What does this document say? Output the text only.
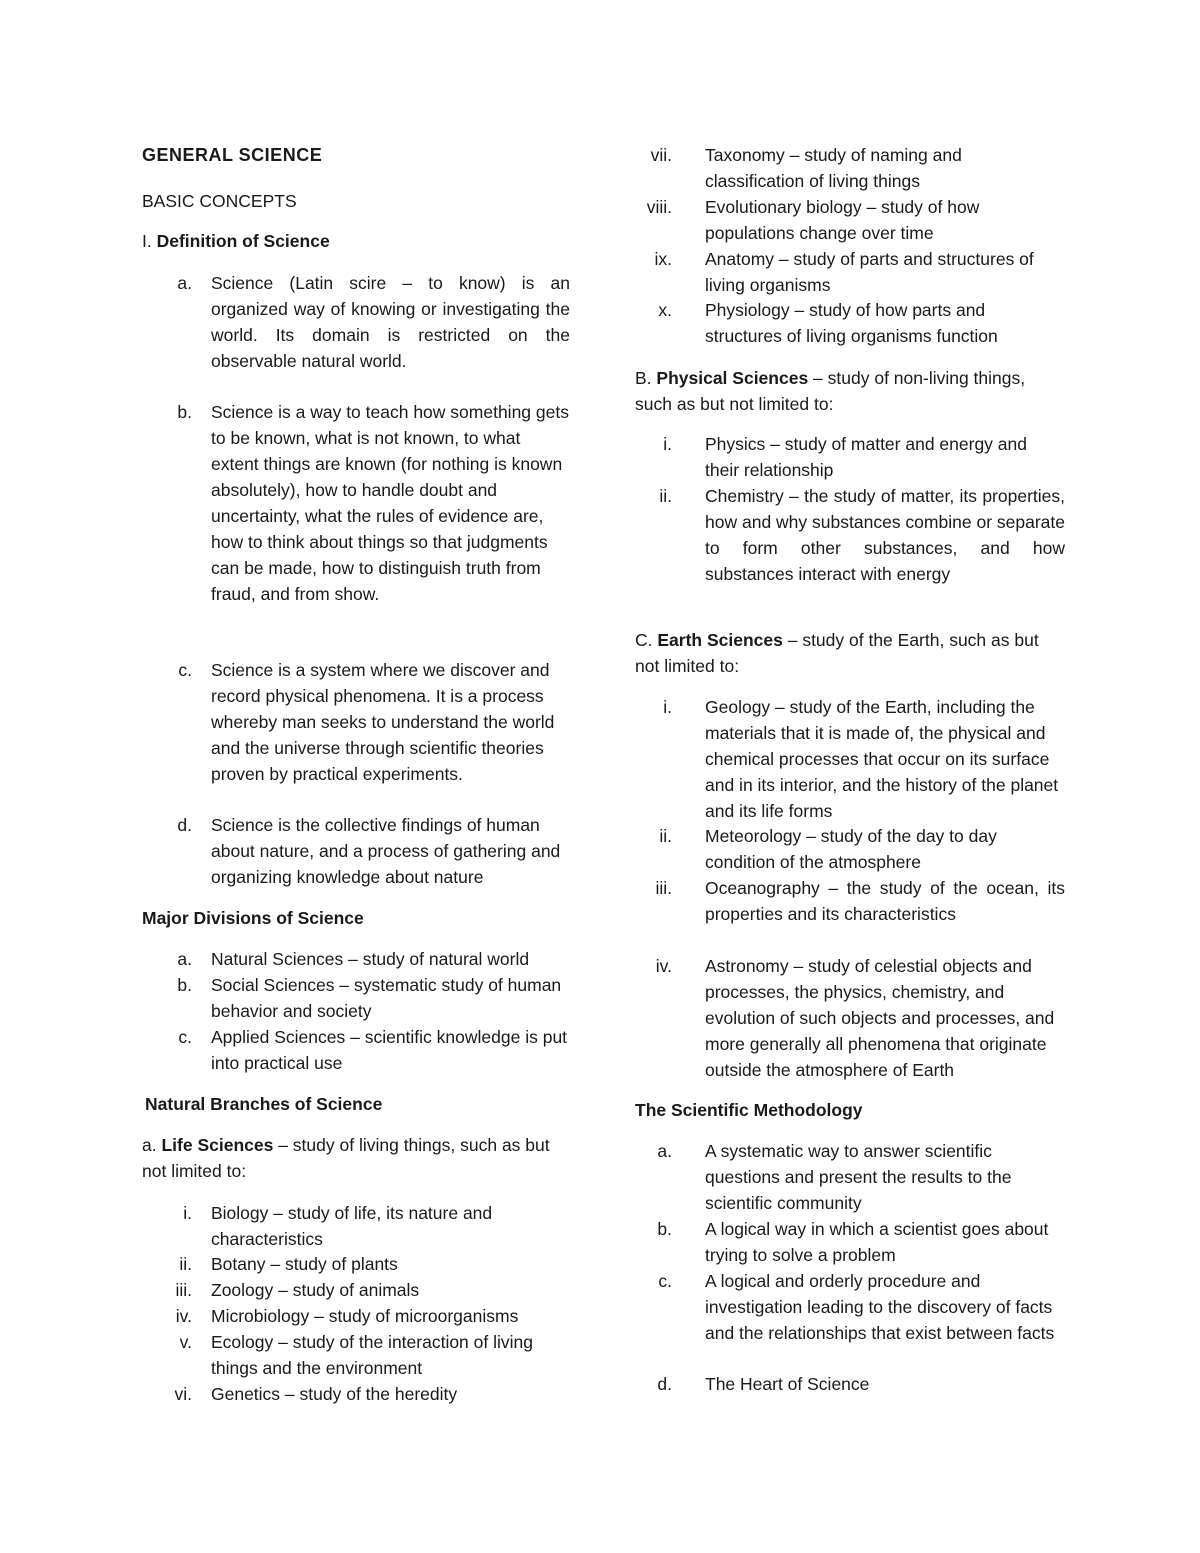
GENERAL SCIENCE
BASIC CONCEPTS
I. Definition of Science
a. Science (Latin scire – to know) is an organized way of knowing or investigating the world. Its domain is restricted on the observable natural world.
b. Science is a way to teach how something gets to be known, what is not known, to what extent things are known (for nothing is known absolutely), how to handle doubt and uncertainty, what the rules of evidence are, how to think about things so that judgments can be made, how to distinguish truth from fraud, and from show.
c. Science is a system where we discover and record physical phenomena. It is a process whereby man seeks to understand the world and the universe through scientific theories proven by practical experiments.
d. Science is the collective findings of human about nature, and a process of gathering and organizing knowledge about nature
Major Divisions of Science
a. Natural Sciences – study of natural world
b. Social Sciences – systematic study of human behavior and society
c. Applied Sciences – scientific knowledge is put into practical use
Natural Branches of Science
a. Life Sciences – study of living things, such as but not limited to:
i. Biology – study of life, its nature and characteristics
ii. Botany – study of plants
iii. Zoology – study of animals
iv. Microbiology – study of microorganisms
v. Ecology – study of the interaction of living things and the environment
vi. Genetics – study of the heredity
vii. Taxonomy – study of naming and classification of living things
viii. Evolutionary biology – study of how populations change over time
ix. Anatomy – study of parts and structures of living organisms
x. Physiology – study of how parts and structures of living organisms function
B. Physical Sciences – study of non-living things, such as but not limited to:
i. Physics – study of matter and energy and their relationship
ii. Chemistry – the study of matter, its properties, how and why substances combine or separate to form other substances, and how substances interact with energy
C. Earth Sciences – study of the Earth, such as but not limited to:
i. Geology – study of the Earth, including the materials that it is made of, the physical and chemical processes that occur on its surface and in its interior, and the history of the planet and its life forms
ii. Meteorology – study of the day to day condition of the atmosphere
iii. Oceanography – the study of the ocean, its properties and its characteristics
iv. Astronomy – study of celestial objects and processes, the physics, chemistry, and evolution of such objects and processes, and more generally all phenomena that originate outside the atmosphere of Earth
The Scientific Methodology
a. A systematic way to answer scientific questions and present the results to the scientific community
b. A logical way in which a scientist goes about trying to solve a problem
c. A logical and orderly procedure and investigation leading to the discovery of facts and the relationships that exist between facts
d. The Heart of Science
